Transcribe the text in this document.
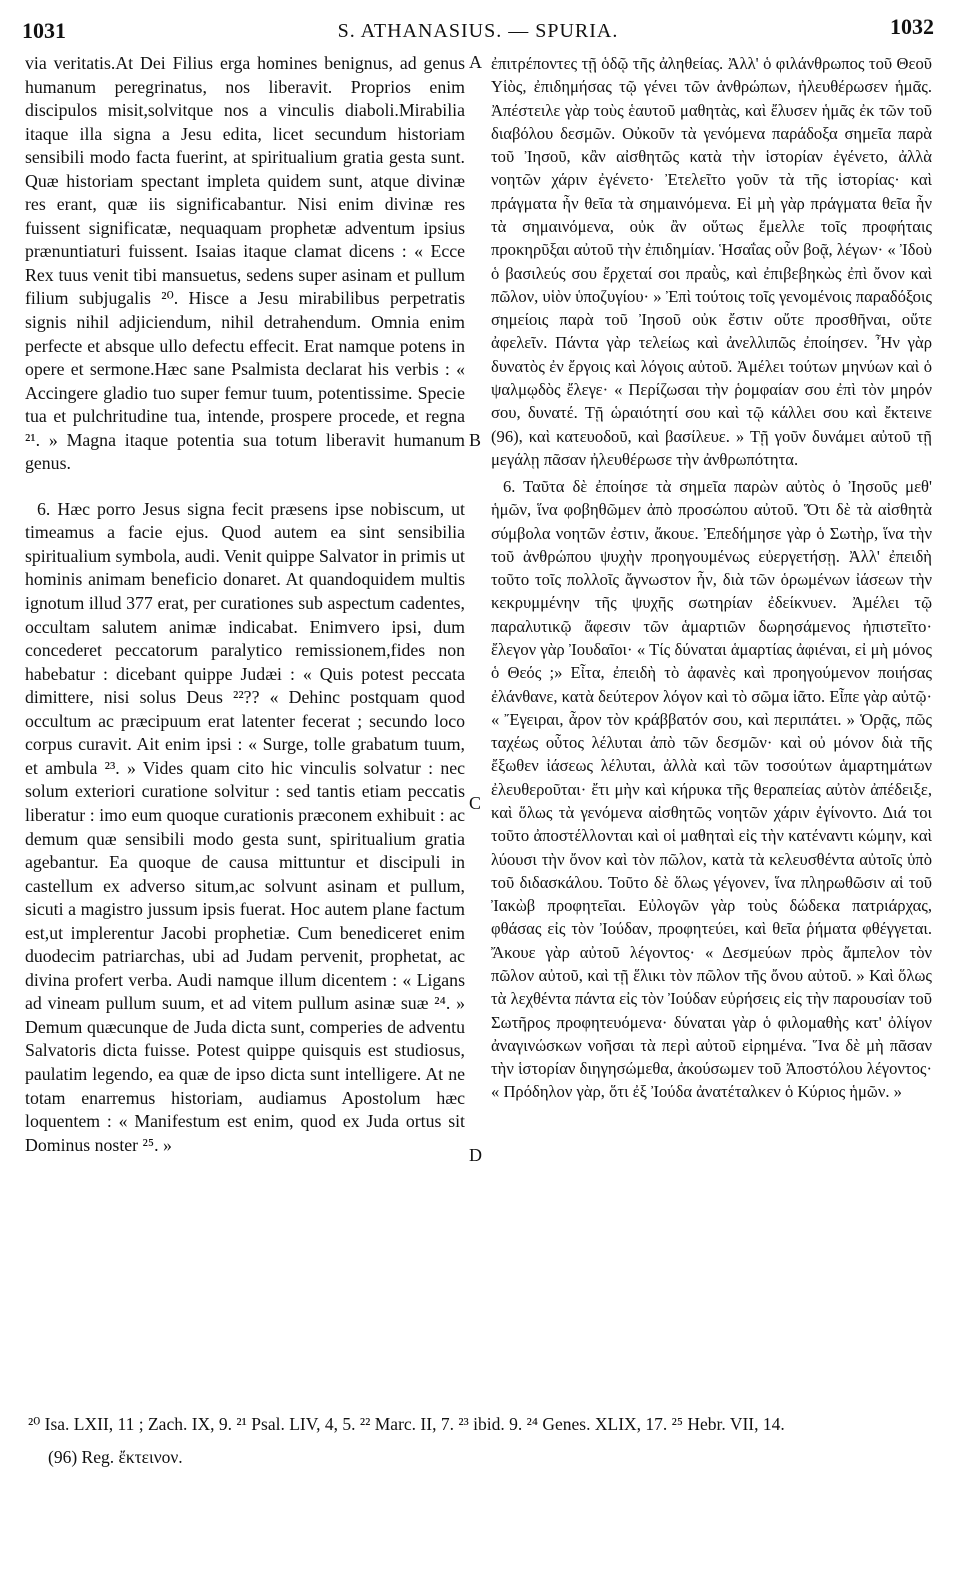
1031	S. ATHANASIUS. — SPURIA.	1032

via veritatis.At Dei Filius erga homines benignus, ad genus humanum peregrinatus, nos liberavit. Proprios enim discipulos misit,solvitque nos a vinculis diaboli.Mirabilia itaque illa signa a Jesu edita, licet secundum historiam sensibili modo facta fuerint, at spiritualium gratia gesta sunt. Quæ historiam spectant impleta quidem sunt, atque divinæ res erant, quæ iis significabantur. Nisi enim divinæ res fuissent significatæ, nequaquam prophetæ adventum ipsius prænuntiaturi fuissent. Isaias itaque clamat dicens : « Ecce Rex tuus venit tibi mansuetus, sedens super asinam et pullum filium subjugalis ²⁰. Hisce a Jesu mirabilibus perpetratis signis nihil adjiciendum, nihil detrahendum. Omnia enim perfecte et absque ullo defectu effecit. Erat namque potens in opere et sermone.Hæc sane Psalmista declarat his verbis : « Accingere gladio tuo super femur tuum, potentissime. Specie tua et pulchritudine tua, intende, prospere procede, et regna ²¹. » Magna itaque potentia sua totum liberavit humanum genus.

6. Hæc porro Jesus signa fecit præsens ipse nobiscum, ut timeamus a facie ejus. Quod autem ea sint sensibilia spiritualium symbola, audi. Venit quippe Salvator in primis ut hominis animam beneficio donaret. At quandoquidem multis ignotum illud 377 erat, per curationes sub aspectum cadentes, occultam salutem animæ indicabat. Enimvero ipsi, dum concederet peccatorum paralytico remissionem,fides non habebatur : dicebant quippe Judæi : « Quis potest peccata dimittere, nisi solus Deus ²²?? « Dehinc postquam quod occultum ac præcipuum erat latenter fecerat ; secundo loco corpus curavit. Ait enim ipsi : « Surge, tolle grabatum tuum, et ambula ²³. » Vides quam cito hic vinculis solvatur : nec solum exteriori curatione solvitur : sed tantis etiam peccatis liberatur : imo eum quoque curationis præconem exhibuit : ac demum quæ sensibili modo gesta sunt, spiritualium gratia agebantur. Ea quoque de causa mittuntur et discipuli in castellum ex adverso situm,ac solvunt asinam et pullum, sicuti a magistro jussum ipsis fuerat. Hoc autem plane factum est,ut implerentur Jacobi prophetiæ. Cum benediceret enim duodecim patriarchas, ubi ad Judam pervenit, prophetat, ac divina profert verba. Audi namque illum dicentem : « Ligans ad vineam pullum suum, et ad vitem pullum asinæ suæ ²⁴. » Demum quæcunque de Juda dicta sunt, comperies de adventu Salvatoris dicta fuisse. Potest quippe quisquis est studiosus, paulatim legendo, ea quæ de ipso dicta sunt intelligere. At ne totam enarremus historiam, audiamus Apostolum hæc loquentem : « Manifestum est enim, quod ex Juda ortus sit Dominus noster ²⁵. »

A
B
C
D

ἐπιτρέποντες τῇ ὁδῷ τῆς ἀληθείας. Ἀλλ' ὁ φιλάνθρωπος τοῦ Θεοῦ Υἱὸς, ἐπιδημήσας τῷ γένει τῶν ἀνθρώπων, ἠλευθέρωσεν ἡμᾶς. Ἀπέστειλε γὰρ τοὺς ἑαυτοῦ μαθητὰς, καὶ ἔλυσεν ἡμᾶς ἐκ τῶν τοῦ διαβόλου δεσμῶν. Οὐκοῦν τὰ γενόμενα παράδοξα σημεῖα παρὰ τοῦ Ἰησοῦ, κἂν αἰσθητῶς κατὰ τὴν ἱστορίαν ἐγένετο, ἀλλὰ νοητῶν χάριν ἐγένετο· Ἐτελεῖτο γοῦν τὰ τῆς ἱστορίας· καὶ πράγματα ἦν θεῖα τὰ σημαινόμενα. Εἰ μὴ γὰρ πράγματα θεῖα ἦν τὰ σημαινόμενα, οὐκ ἂν οὕτως ἔμελλε τοῖς προφήταις προκηρῦξαι αὐτοῦ τὴν ἐπιδημίαν. Ἡσαΐας οὖν βοᾷ, λέγων· « Ἰδοὺ ὁ βασιλεύς σου ἔρχεταί σοι πραῢς, καὶ ἐπιβεβηκὼς ἐπὶ ὄνον καὶ πῶλον, υἱὸν ὑποζυγίου· » Ἐπὶ τούτοις τοῖς γενομένοις παραδόξοις σημείοις παρὰ τοῦ Ἰησοῦ οὐκ ἔστιν οὔτε προσθῆναι, οὔτε ἀφελεῖν. Πάντα γὰρ τελείως καὶ ἀνελλιπῶς ἐποίησεν. Ἦν γὰρ δυνατὸς ἐν ἔργοις καὶ λόγοις αὐτοῦ. Ἀμέλει τούτων μηνύων καὶ ὁ ψαλμῳδὸς ἔλεγε· « Περίζωσαι τὴν ῥομφαίαν σου ἐπὶ τὸν μηρόν σου, δυνατέ. Τῇ ὡραιότητί σου καὶ τῷ κάλλει σου καὶ ἔκτεινε (96), καὶ κατευοδοῦ, καὶ βασίλευε. » Τῇ γοῦν δυνάμει αὐτοῦ τῇ μεγάλῃ πᾶσαν ἠλευθέρωσε τὴν ἀνθρωπότητα.

6. Ταῦτα δὲ ἐποίησε τὰ σημεῖα παρὼν αὐτὸς ὁ Ἰησοῦς μεθ' ἡμῶν, ἵνα φοβηθῶμεν ἀπὸ προσώπου αὐτοῦ. Ὅτι δὲ τὰ αἰσθητὰ σύμβολα νοητῶν ἐστιν, ἄκουε. Ἐπεδήμησε γὰρ ὁ Σωτὴρ, ἵνα τὴν τοῦ ἀνθρώπου ψυχὴν προηγουμένως εὐεργετήσῃ. Ἀλλ' ἐπειδὴ τοῦτο τοῖς πολλοῖς ἄγνωστον ἦν, διὰ τῶν ὁρωμένων ἰάσεων τὴν κεκρυμμένην τῆς ψυχῆς σωτηρίαν ἐδείκνυεν. Ἀμέλει τῷ παραλυτικῷ ἄφεσιν τῶν ἁμαρτιῶν δωρησάμενος ἠπιστεῖτο· ἔλεγον γὰρ Ἰουδαῖοι· « Τίς δύναται ἁμαρτίας ἀφιέναι, εἰ μὴ μόνος ὁ Θεός ;» Εἶτα, ἐπειδὴ τὸ ἀφανὲς καὶ προηγούμενον ποιήσας ἐλάνθανε, κατὰ δεύτερον λόγον καὶ τὸ σῶμα ἰᾶτο. Εἶπε γὰρ αὐτῷ· « Ἔγειραι, ἆρον τὸν κράββατόν σου, καὶ περιπάτει. » Ὁρᾷς, πῶς ταχέως οὗτος λέλυται ἀπὸ τῶν δεσμῶν· καὶ οὐ μόνον διὰ τῆς ἔξωθεν ἰάσεως λέλυται, ἀλλὰ καὶ τῶν τοσούτων ἁμαρτημάτων ἐλευθεροῦται· ἔτι μὴν καὶ κήρυκα τῆς θεραπείας αὐτὸν ἀπέδειξε, καὶ ὅλως τὰ γενόμενα αἰσθητῶς νοητῶν χάριν ἐγίνοντο. Διά τοι τοῦτο ἀποστέλλονται καὶ οἱ μαθηταὶ εἰς τὴν κατέναντι κώμην, καὶ λύουσι τὴν ὄνον καὶ τὸν πῶλον, κατὰ τὰ κελευσθέντα αὐτοῖς ὑπὸ τοῦ διδασκάλου. Τοῦτο δὲ ὅλως γέγονεν, ἵνα πληρωθῶσιν αἱ τοῦ Ἰακὼβ προφητεῖαι. Εὐλογῶν γὰρ τοὺς δώδεκα πατριάρχας, φθάσας εἰς τὸν Ἰούδαν, προφητεύει, καὶ θεῖα ῥήματα φθέγγεται. Ἄκουε γὰρ αὐτοῦ λέγοντος· « Δεσμεύων πρὸς ἄμπελον τὸν πῶλον αὐτοῦ, καὶ τῇ ἕλικι τὸν πῶλον τῆς ὄνου αὐτοῦ. » Καὶ ὅλως τὰ λεχθέντα πάντα εἰς τὸν Ἰούδαν εὑρήσεις εἰς τὴν παρουσίαν τοῦ Σωτῆρος προφητευόμενα· δύναται γὰρ ὁ φιλομαθὴς κατ' ὀλίγον ἀναγινώσκων νοῆσαι τὰ περὶ αὐτοῦ εἰρημένα. Ἵνα δὲ μὴ πᾶσαν τὴν ἱστορίαν διηγησώμεθα, ἀκούσωμεν τοῦ Ἀποστόλου λέγοντος· « Πρόδηλον γὰρ, ὅτι ἐξ Ἰούδα ἀνατέταλκεν ὁ Κύριος ἡμῶν. »

²⁰ Isa. LXII, 11 ; Zach. IX, 9. ²¹ Psal. LIV, 4, 5. ²² Marc. II, 7. ²³ ibid. 9. ²⁴ Genes. XLIX, 17. ²⁵ Hebr. VII, 14.

(96) Reg. ἔκτεινον.
